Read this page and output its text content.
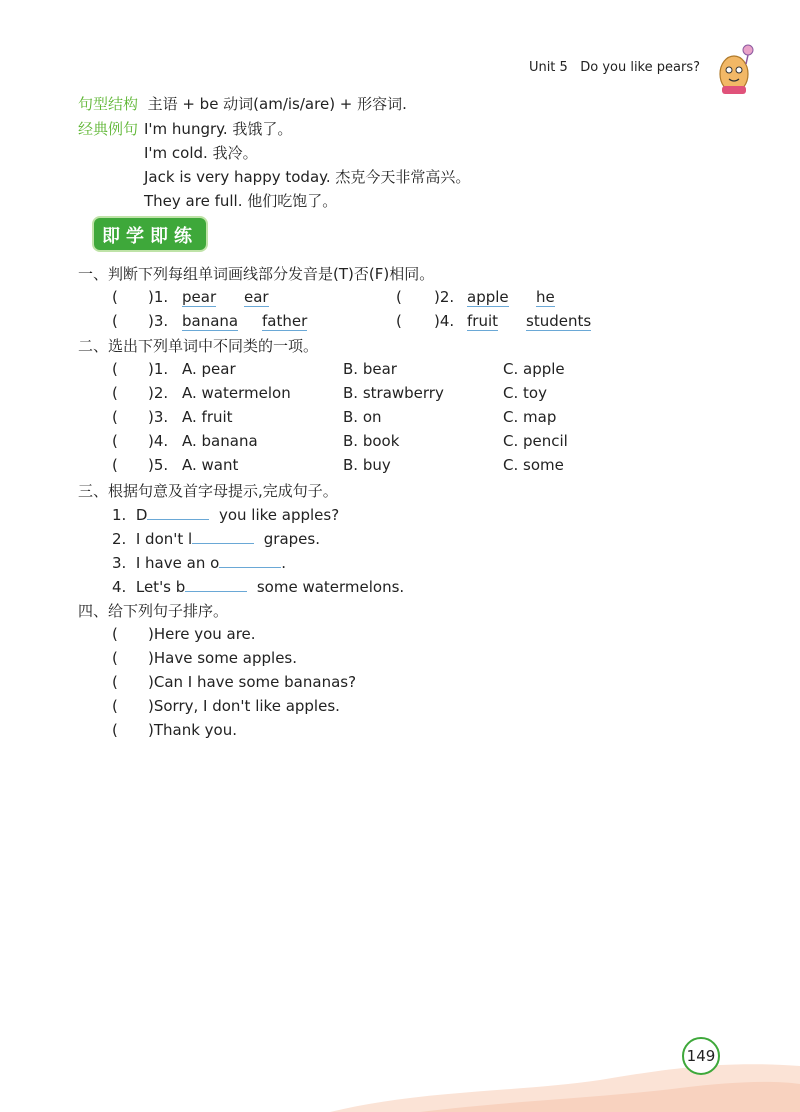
Unit 5 Do you like pears?
句型结构 主语 + be 动词(am/is/are) + 形容词.
经典例句 I'm hungry. 我饿了。
I'm cold. 我冷。
Jack is very happy today. 杰克今天非常高兴。
They are full. 他们吃饱了。
即学即练
一、判断下列每组单词画线部分发音是(T)否(F)相同。
( )1. pear ear	( )2. apple he
( )3. banana father	( )4. fruit students
二、选出下列单词中不同类的一项。
( )1. A. pear	B. bear	C. apple
( )2. A. watermelon	B. strawberry	C. toy
( )3. A. fruit	B. on	C. map
( )4. A. banana	B. book	C. pencil
( )5. A. want	B. buy	C. some
三、根据句意及首字母提示,完成句子。
1. D	you like apples?
2. I don't l	grapes.
3. I have an o	.
4. Let's b	some watermelons.
四、给下列句子排序。
( )Here you are.
( )Have some apples.
( )Can I have some bananas?
( )Sorry, I don't like apples.
( )Thank you.
149
